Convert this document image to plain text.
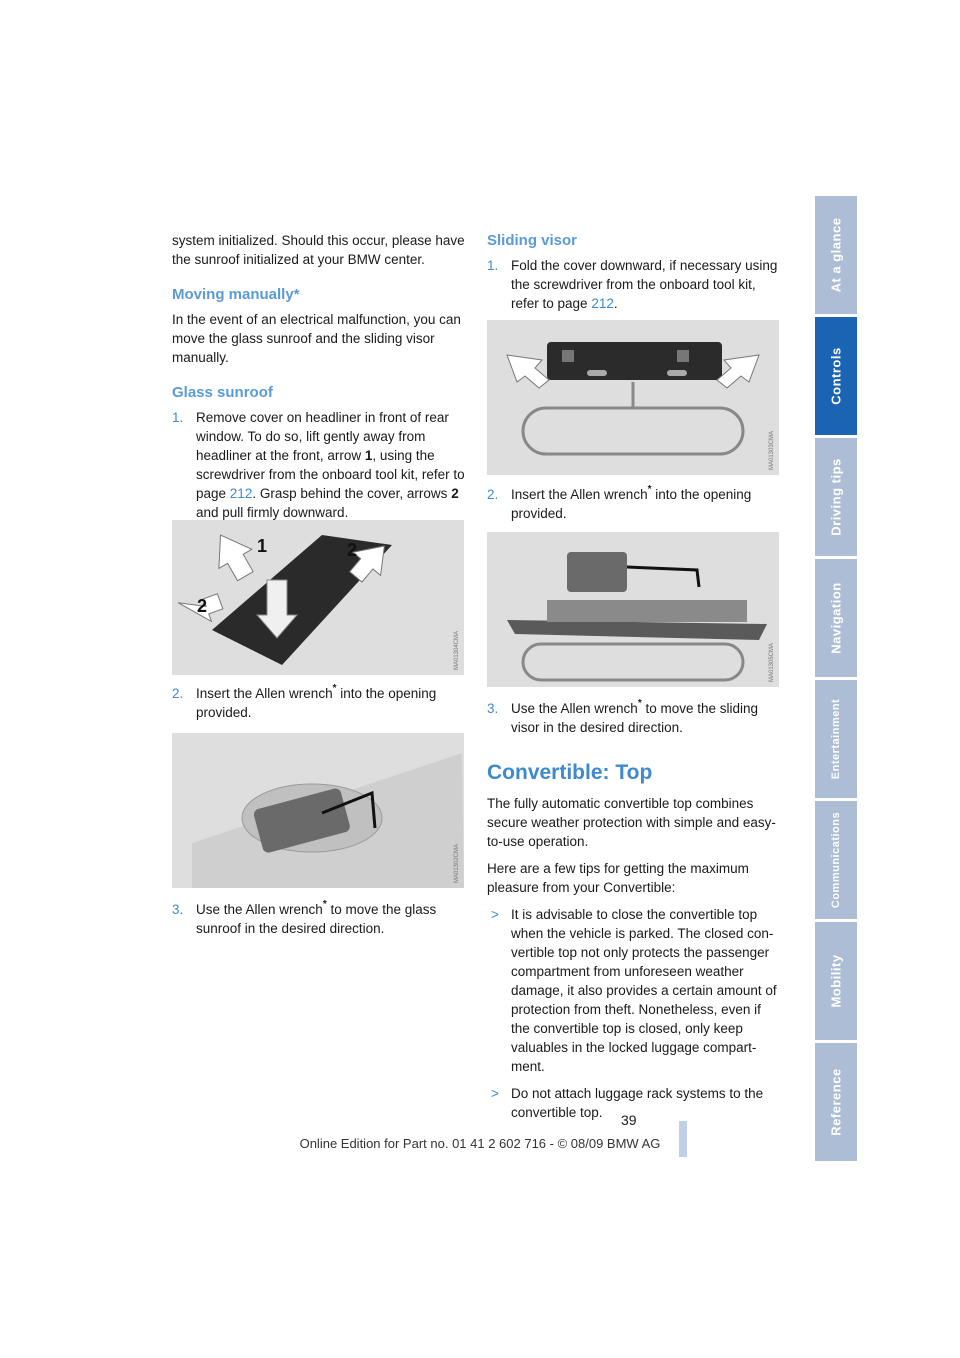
system initialized. Should this occur, please have the sunroof initialized at your BMW center.

Moving manually*

In the event of an electrical malfunction, you can move the glass sunroof and the sliding visor manually.

Glass sunroof
1. Remove cover on headliner in front of rear window. To do so, lift gently away from headliner at the front, arrow 1, using the screwdriver from the onboard tool kit, refer to page 212. Grasp behind the cover, arrows 2 and pull firmly downward.
1	2
2
MA01304CMA
2. Insert the Allen wrench* into the opening provided.
MA01302CMA
3. Use the Allen wrench* to move the glass sunroof in the desired direction.
Sliding visor
1. Fold the cover downward, if necessary using the screwdriver from the onboard tool kit, refer to page 212.
MA01303CMA
2. Insert the Allen wrench* into the opening provided.
MA01305CMA
3. Use the Allen wrench* to move the sliding visor in the desired direction.
Convertible: Top

The fully automatic convertible top combines secure weather protection with simple and easy-to-use operation.

Here are a few tips for getting the maximum pleasure from your Convertible:

> It is advisable to close the convertible top when the vehicle is parked. The closed con-vertible top not only protects the passenger compartment from unforeseen weather damage, it also provides a certain amount of protection from theft. Nonetheless, even if the convertible top is closed, only keep valuables in the locked luggage compart-ment.
> Do not attach luggage rack systems to the convertible top.
At a glance
Controls
Driving tips
Navigation
Entertainment
Communications
Mobility
Reference
39
Online Edition for Part no. 01 41 2 602 716 - © 08/09 BMW AG
